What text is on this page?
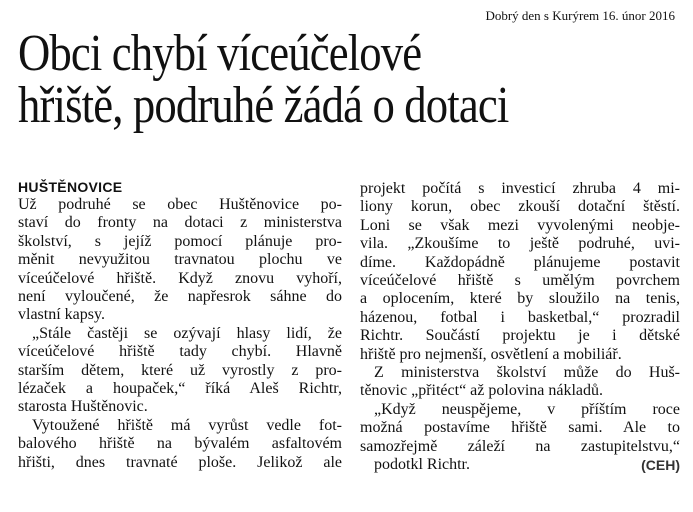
Dobrý den s Kurýrem 16. únor 2016
Obci chybí víceúčelové
hřiště, podruhé žádá o dotaci
HUŠTĚNOVICE
Už podruhé se obec Huštěnovice po-
staví do fronty na dotaci z ministerstva
školství, s jejíž pomocí plánuje pro-
měnit nevyužitou travnatou plochu ve
víceúčelové hřiště. Když znovu vyhoří,
není vyloučené, že napřesrok sáhne do
vlastní kapsy.
„Stále častěji se ozývají hlasy lidí, že
víceúčelové hřiště tady chybí. Hlavně
starším dětem, které už vyrostly z pro-
lézaček a houpaček,“ říká Aleš Richtr,
starosta Huštěnovic.
Vytoužené hřiště má vyrůst vedle fot-
balového hřiště na bývalém asfaltovém
hřišti, dnes travnaté ploše. Jelikož ale
projekt počítá s investicí zhruba 4 mi-
liony korun, obec zkouší dotační štěstí.
Loni se však mezi vyvolenými neobje-
vila. „Zkoušíme to ještě podruhé, uvi-
díme. Každopádně plánujeme postavit
víceúčelové hřiště s umělým povrchem
a oplocením, které by sloužilo na tenis,
házenou, fotbal i basketbal,“ prozradil
Richtr. Součástí projektu je i dětské
hřiště pro nejmenší, osvětlení a mobiliář.
Z ministerstva školství může do Huš-
těnovic „přitéct“ až polovina nákladů.
„Když neuspějeme, v příštím roce
možná postavíme hřiště sami. Ale to
samozřejmě záleží na zastupitelstvu,“
podotkl Richtr.	(CEH)
